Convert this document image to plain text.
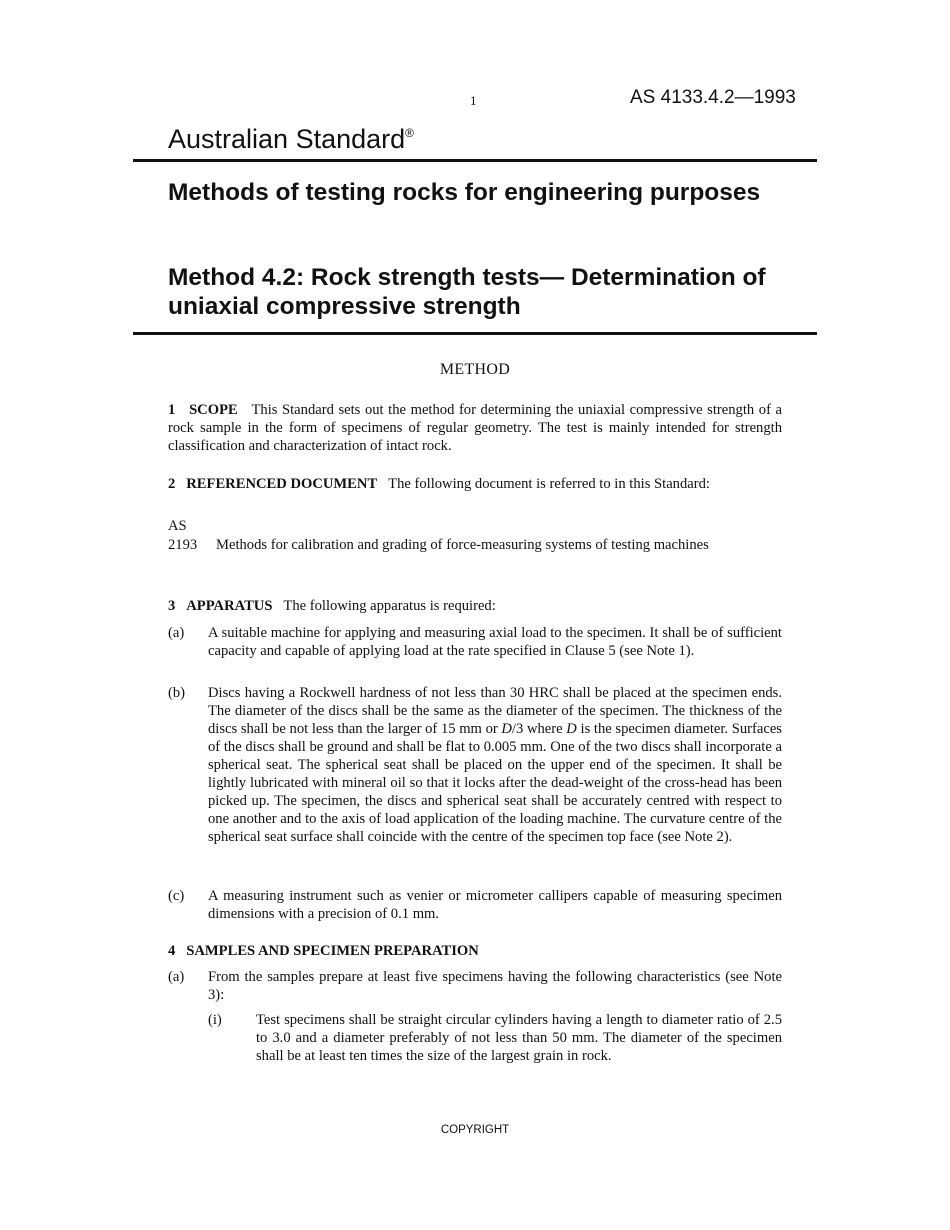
1	AS 4133.4.2—1993
Australian Standard®
Methods of testing rocks for engineering purposes
Method 4.2: Rock strength tests— Determination of uniaxial compressive strength
METHOD
1 SCOPE This Standard sets out the method for determining the uniaxial compressive strength of a rock sample in the form of specimens of regular geometry. The test is mainly intended for strength classification and characterization of intact rock.
2 REFERENCED DOCUMENT The following document is referred to in this Standard:
AS
2193 Methods for calibration and grading of force-measuring systems of testing machines
3 APPARATUS The following apparatus is required:
(a)	A suitable machine for applying and measuring axial load to the specimen. It shall be of sufficient capacity and capable of applying load at the rate specified in Clause 5 (see Note 1).
(b)	Discs having a Rockwell hardness of not less than 30 HRC shall be placed at the specimen ends. The diameter of the discs shall be the same as the diameter of the specimen. The thickness of the discs shall be not less than the larger of 15 mm or D/3 where D is the specimen diameter. Surfaces of the discs shall be ground and shall be flat to 0.005 mm. One of the two discs shall incorporate a spherical seat. The spherical seat shall be placed on the upper end of the specimen. It shall be lightly lubricated with mineral oil so that it locks after the dead-weight of the cross-head has been picked up. The specimen, the discs and spherical seat shall be accurately centred with respect to one another and to the axis of load application of the loading machine. The curvature centre of the spherical seat surface shall coincide with the centre of the specimen top face (see Note 2).
(c)	A measuring instrument such as venier or micrometer callipers capable of measuring specimen dimensions with a precision of 0.1 mm.
4 SAMPLES AND SPECIMEN PREPARATION
(a)	From the samples prepare at least five specimens having the following characteristics (see Note 3):
(i)	Test specimens shall be straight circular cylinders having a length to diameter ratio of 2.5 to 3.0 and a diameter preferably of not less than 50 mm. The diameter of the specimen shall be at least ten times the size of the largest grain in rock.
COPYRIGHT
